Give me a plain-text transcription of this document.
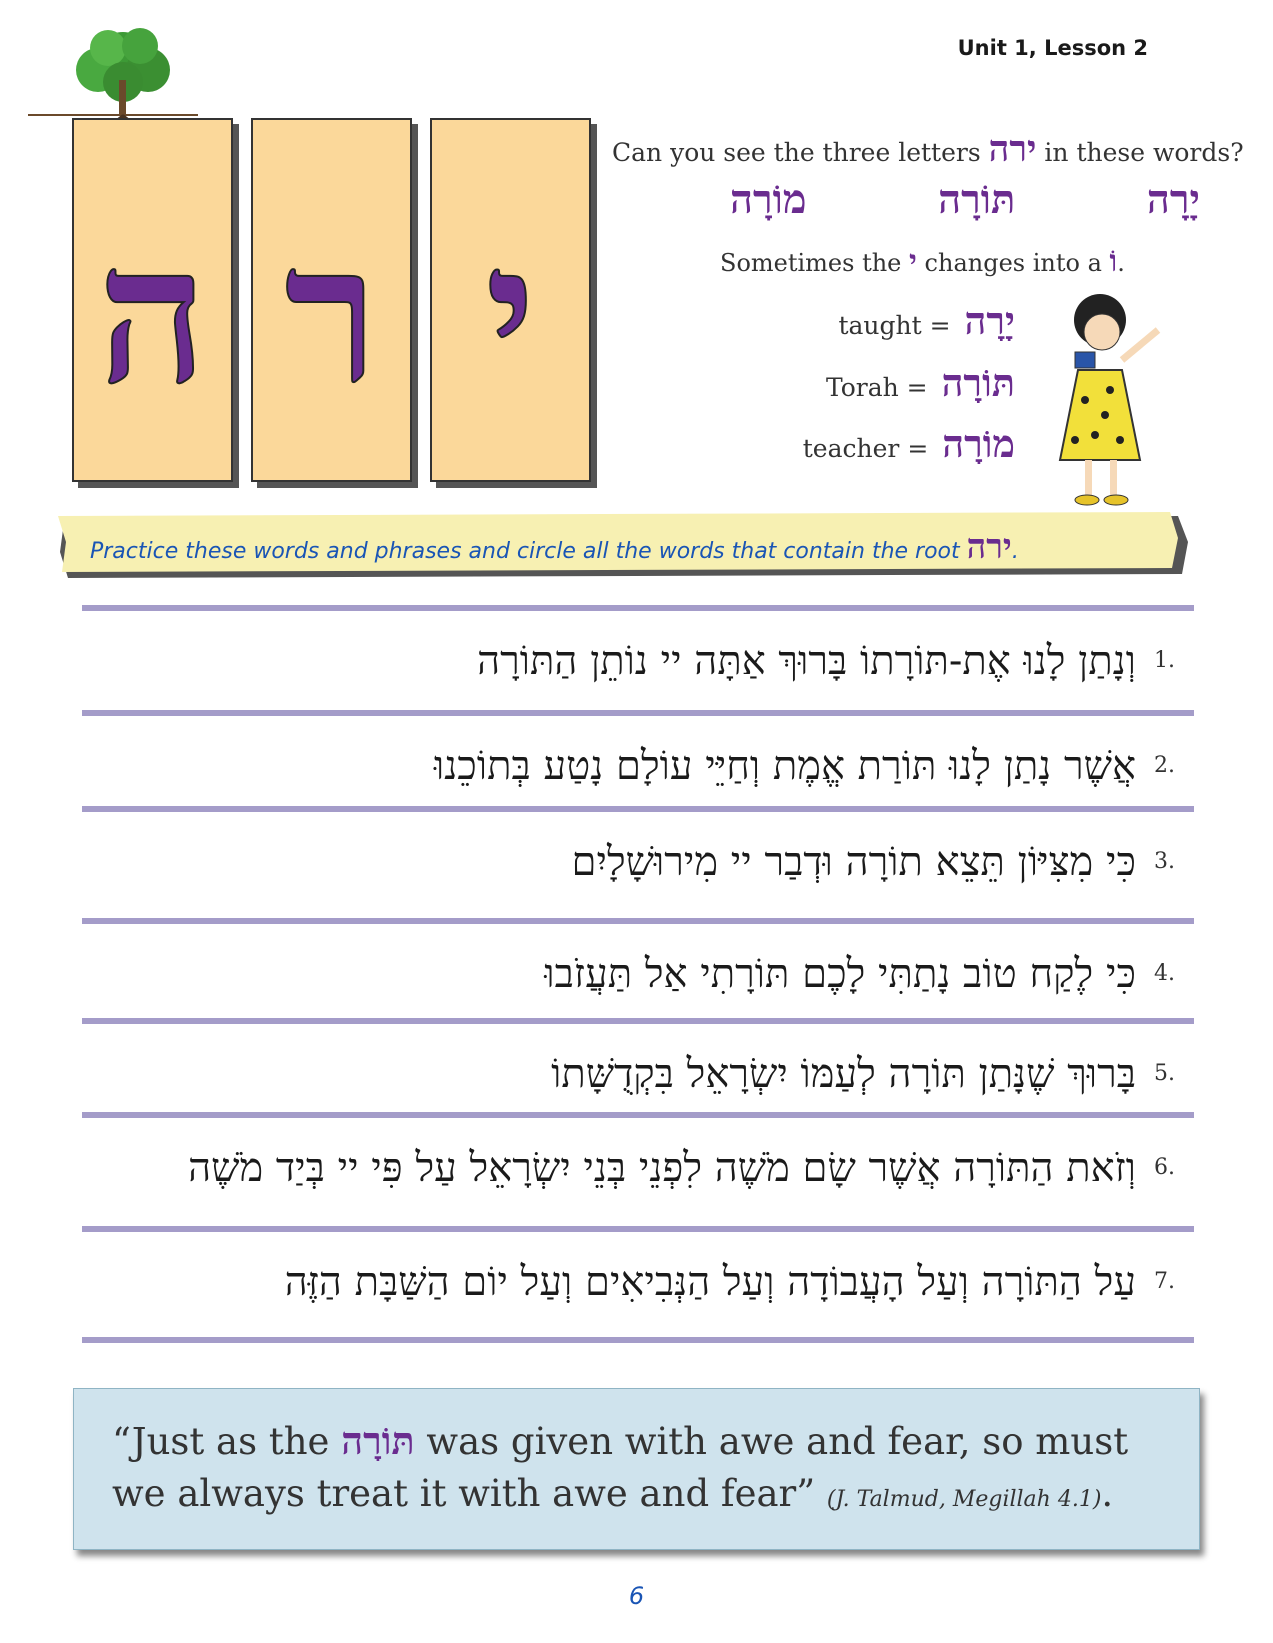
Unit 1, Lesson 2
ה ר י
Can you see the three letters ירה in these words?
יָרָה
תּוֹרָה
מוֹרָה
Sometimes the י changes into a וֹ.
taught = יָרָה
Torah = תּוֹרָה
teacher = מוֹרָה
Practice these words and phrases and circle all the words that contain the root ירה.
1.
וְנָתַן לָנוּ אֶת-תּוֹרָתוֹ בָּרוּךְ אַתָּה יי נוֹתֵן הַתּוֹרָה
2.
אֲשֶׁר נָתַן לָנוּ תּוֹרַת אֱמֶת וְחַיֵּי עוֹלָם נָטַע בְּתוֹכֵנוּ
3.
כִּי מִצִּיּוֹן תֵּצֵא תוֹרָה וּדְבַר יי מִירוּשָׁלָיִם
4.
כִּי לֶקַח טוֹב נָתַתִּי לָכֶם תּוֹרָתִי אַל תַּעֲזֹבוּ
5.
בָּרוּךְ שֶׁנָּתַן תּוֹרָה לְעַמּוֹ יִשְׂרָאֵל בִּקְדֻשָּׁתוֹ
6.
וְזֹאת הַתּוֹרָה אֲשֶׁר שָׂם מֹשֶׁה לִפְנֵי בְּנֵי יִשְׂרָאֵל עַל פִּי יי בְּיַד מֹשֶׁה
7.
עַל הַתּוֹרָה וְעַל הָעֲבוֹדָה וְעַל הַנְּבִיאִים וְעַל יוֹם הַשַּׁבָּת הַזֶּה
“Just as the תּוֹרָה was given with awe and fear, so must we always treat it with awe and fear” (J. Talmud, Megillah 4.1).
6
